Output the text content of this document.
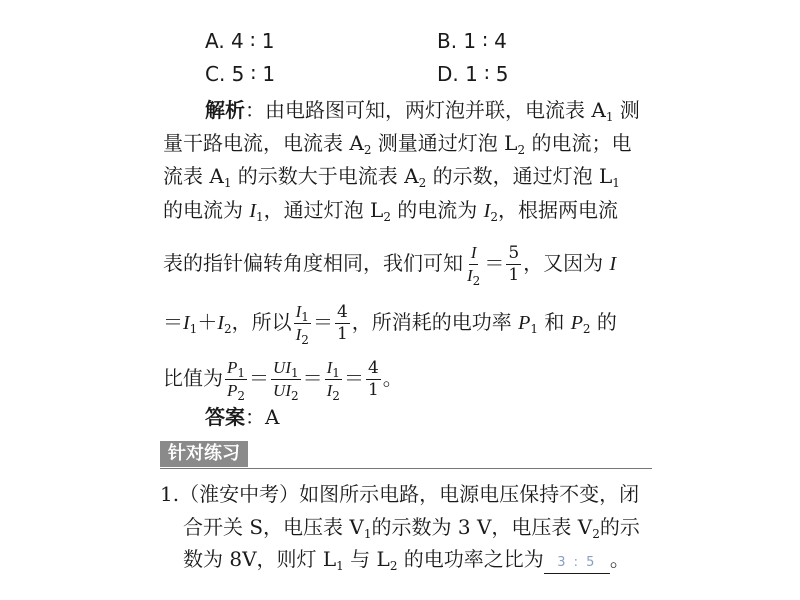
A. 4 ∶ 1	B. 1 ∶ 4
C. 5 ∶ 1	D. 1 ∶ 5
解析：由电路图可知，两灯泡并联，电流表 $A_1$ 测
量干路电流，电流表 $A_2$ 测量通过灯泡 $L_2$ 的电流；电
流表 $A_1$ 的示数大于电流表 $A_2$ 的示数，通过灯泡 $L_1$
的电流为 $I_1$，通过灯泡 $L_2$ 的电流为 $I_2$，根据两电流
表的指针偏转角度相同，我们可知 $\frac{I}{I_2} = \frac{5}{1}$ ，又因为 I
$=I_1+I_2$，所以 $\frac{I_1}{I_2} = \frac{4}{1}$ ，所消耗的电功率 $P_1$ 和 $P_2$ 的
比值为 $\frac{P_1}{P_2} = \frac{UI_1}{UI_2} = \frac{I_1}{I_2} = \frac{4}{1}$ 。
答案：A
针对练习
1.（淮安中考）如图所示电路，电源电压保持不变，闭
合开关 S，电压表 $V_1$的示数为 3 V，电压表 $V_2$的示
数为 8V，则灯 $L_1$ 与 $L_2$ 的电功率之比为 3 : 5 。
